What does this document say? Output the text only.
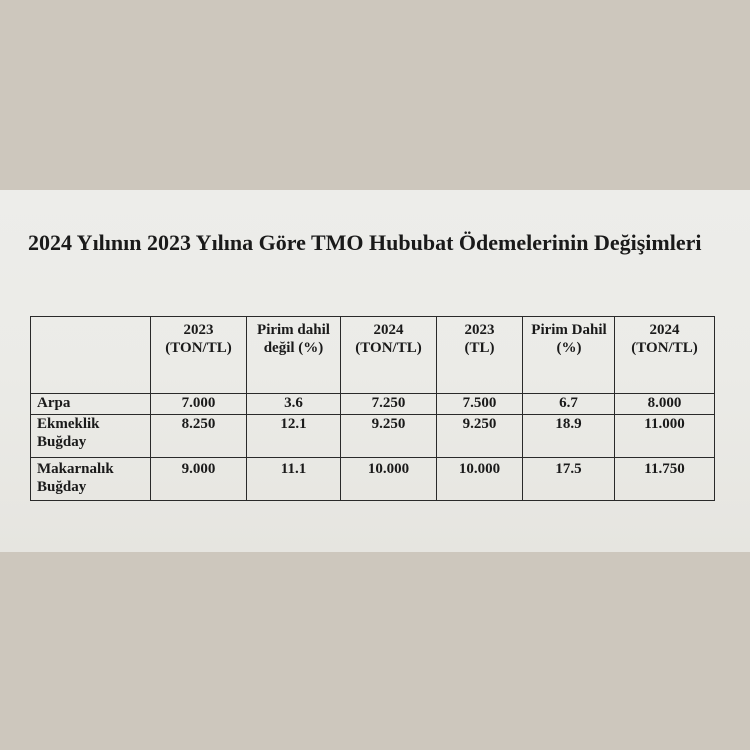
2024 Yılının 2023 Yılına Göre TMO Hububat Ödemelerinin Değişimleri
	2023 (TON/TL)	Pirim dahil değil (%)	2024 (TON/TL)	2023 (TL)	Pirim Dahil (%)	2024 (TON/TL)
Arpa	7.000	3.6	7.250	7.500	6.7	8.000
Ekmeklik Buğday	8.250	12.1	9.250	9.250	18.9	11.000
Makarnalık Buğday	9.000	11.1	10.000	10.000	17.5	11.750
